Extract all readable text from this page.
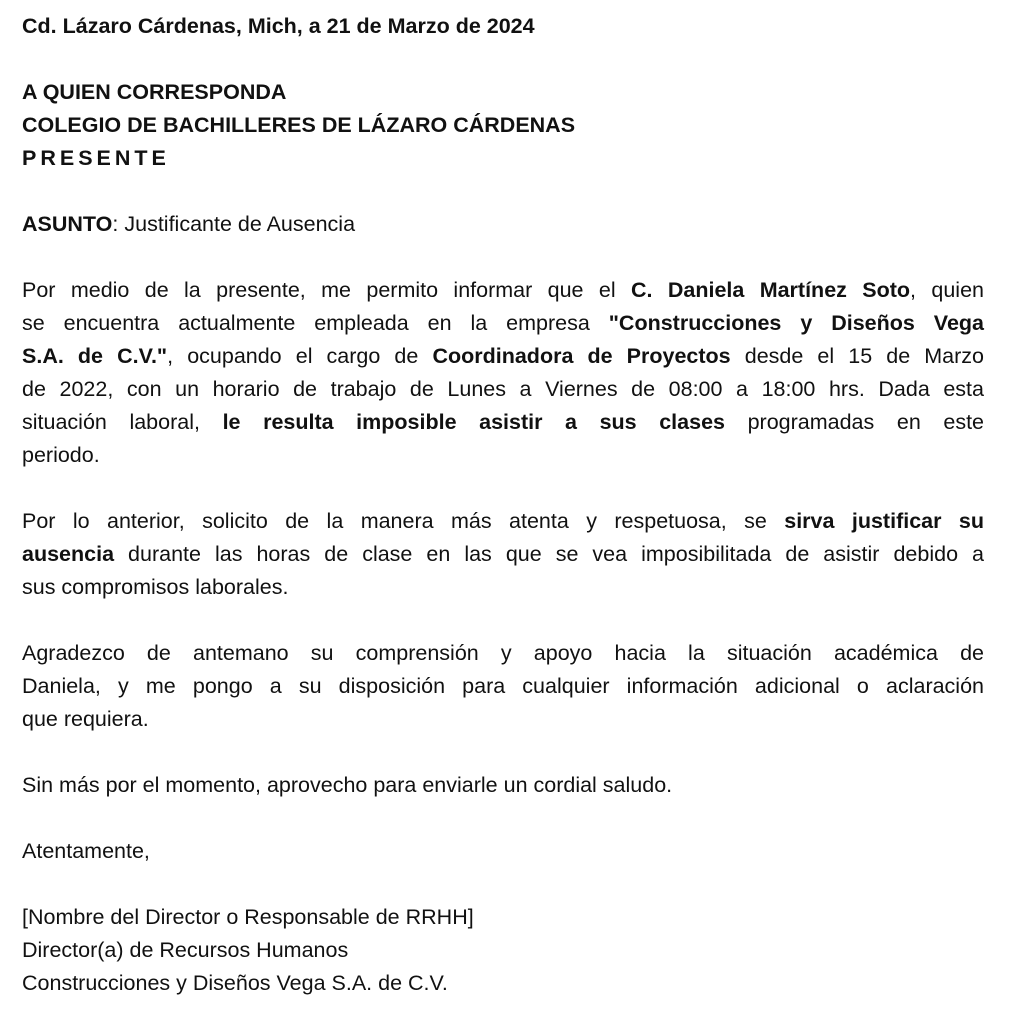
Cd. Lázaro Cárdenas, Mich, a 21 de Marzo de 2024
A QUIEN CORRESPONDA
COLEGIO DE BACHILLERES DE LÁZARO CÁRDENAS
PRESENTE
ASUNTO: Justificante de Ausencia
Por medio de la presente, me permito informar que el C. Daniela Martínez Soto, quien
se encuentra actualmente empleada en la empresa "Construcciones y Diseños Vega
S.A. de C.V.", ocupando el cargo de Coordinadora de Proyectos desde el 15 de Marzo
de 2022, con un horario de trabajo de Lunes a Viernes de 08:00 a 18:00 hrs. Dada esta
situación laboral, le resulta imposible asistir a sus clases programadas en este
periodo.
Por lo anterior, solicito de la manera más atenta y respetuosa, se sirva justificar su
ausencia durante las horas de clase en las que se vea imposibilitada de asistir debido a
sus compromisos laborales.
Agradezco de antemano su comprensión y apoyo hacia la situación académica de
Daniela, y me pongo a su disposición para cualquier información adicional o aclaración
que requiera.
Sin más por el momento, aprovecho para enviarle un cordial saludo.
Atentamente,
[Nombre del Director o Responsable de RRHH]
Director(a) de Recursos Humanos
Construcciones y Diseños Vega S.A. de C.V.
